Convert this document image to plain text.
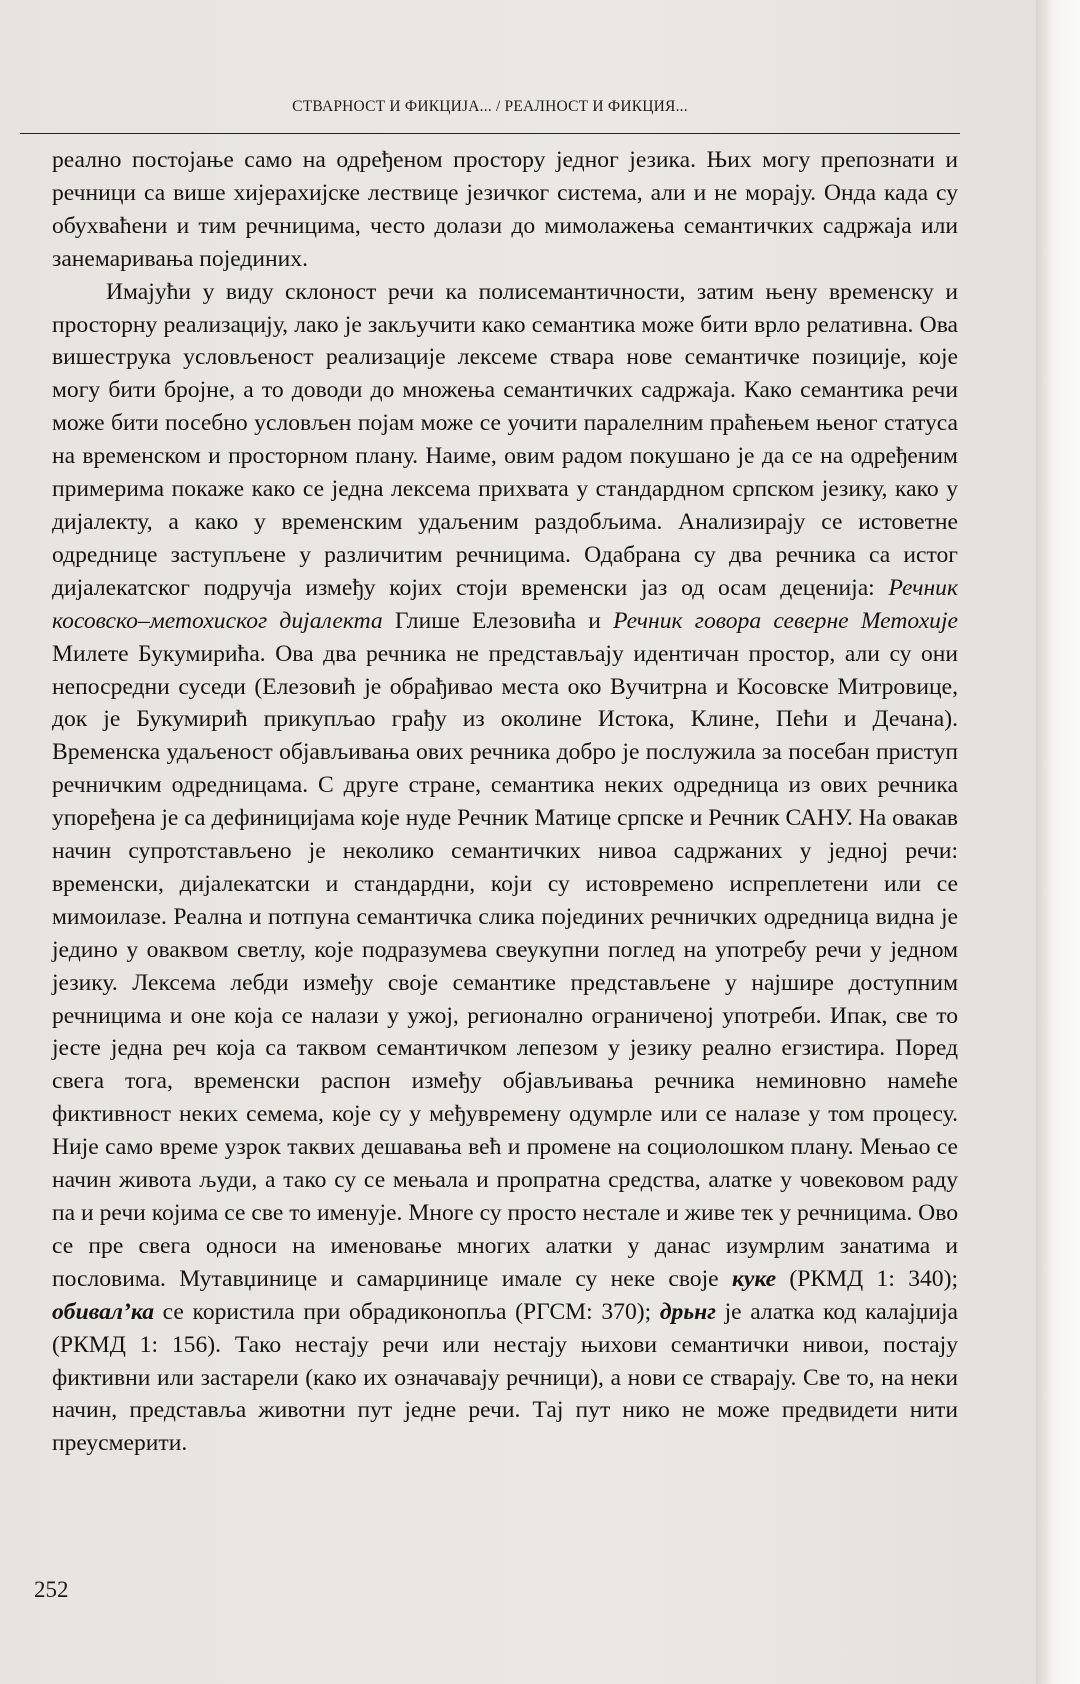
СТВАРНОСТ И ФИКЦИЈА... / РЕАЛНОСТ И ФИКЦИЯ...

реално постојање само на одређеном простору једног језика. Њих могу препознати и речници са више хијерахијске лествице језичког система, али и не морају. Онда када су обухваћени и тим речницима, често долази до мимолажења семантичких садржаја или занемаривања појединих.

Имајући у виду склоност речи ка полисемантичности, затим њену временску и просторну реализацију, лако је закључити како семантика може бити врло релативна. Ова вишеструка условљеност реализације лексеме ствара нове семантичке позиције, које могу бити бројне, а то доводи до множења семантичких садржаја. Како семантика речи може бити посебно условљен појам може се уочити паралелним праћењем њеног статуса на временском и просторном плану. Наиме, овим радом покушано је да се на одређеним примерима покаже како се једна лексема прихвата у стандардном српском језику, како у дијалекту, а како у временским удаљеним раздобљима. Анализирају се истоветне одреднице заступљене у различитим речницима. Одабрана су два речника са истог дијалекатског подручја између којих стоји временски јаз од осам деценија: Речник косовско–метохиског дијалекта Глише Елезовића и Речник говора северне Метохије Милете Букумирића. Ова два речника не представљају идентичан простор, али су они непосредни суседи (Елезовић је обрађивао места око Вучитрна и Косовске Митровице, док је Букумирић прикупљао грађу из околине Истока, Клине, Пећи и Дечана). Временска удаљеност објављивања ових речника добро је послужила за посебан приступ речничким одредницама. С друге стране, семантика неких одредница из ових речника упоређена је са дефиницијама које нуде Речник Матице српске и Речник САНУ. На овакав начин супротстављено је неколико семантичких нивоа садржаних у једној речи: временски, дијалекатски и стандардни, који су истовремено испреплетени или се мимоилазе. Реална и потпуна семантичка слика појединих речничких одредница видна је једино у оваквом светлу, које подразумева свеукупни поглед на употребу речи у једном језику. Лексема лебди између своје семантике представљене у најшире доступним речницима и оне која се налази у ужој, регионално ограниченој употреби. Ипак, све то јесте једна реч која са таквом семантичком лепезом у језику реално егзистира. Поред свега тога, временски распон између објављивања речника неминовно намеће фиктивност неких семема, које су у међувремену одумрле или се налазе у том процесу. Није само време узрок таквих дешавања већ и промене на социолошком плану. Мењао се начин живота људи, а тако су се мењала и пропратна средства, алатке у човековом раду па и речи којима се све то именује. Многе су просто нестале и живе тек у речницима. Ово се пре свега односи на именовање многих алатки у данас изумрлим занатима и пословима. Мутавџинице и самарџинице имале су неке своје куке (РКМД 1: 340); обивал’ка се користила при обрадиконопља (РГСМ: 370); дрьнг је алатка код калајџија (РКМД 1: 156). Тако нестају речи или нестају њихови семантички нивои, постају фиктивни или застарели (како их означавају речници), а нови се стварају. Све то, на неки начин, представља животни пут једне речи. Тај пут нико не може предвидети нити преусмерити.

252
